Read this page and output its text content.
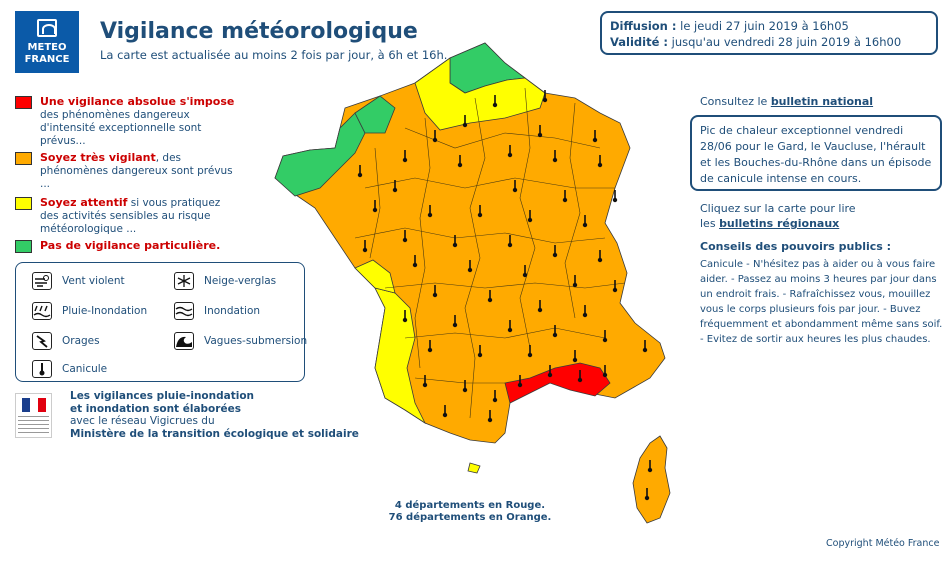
METEO
FRANCE
Vigilance météorologique
La carte est actualisée au moins 2 fois par jour, à 6h et 16h.
Diffusion : le jeudi 27 juin 2019 à 16h05
Validité : jusqu'au vendredi 28 juin 2019 à 16h00
Une vigilance absolue s'impose
des phénomènes dangereux d'intensité exceptionnelle sont prévus...
Soyez très vigilant, des phénomènes dangereux sont prévus ...
Soyez attentif si vous pratiquez des activités sensibles au risque météorologique ...
Pas de vigilance particulière.
Vent violent	Neige-verglas
Pluie-Inondation	Inondation
Orages	Vagues-submersion
Canicule
Les vigilances pluie-inondation
et inondation sont élaborées
avec le réseau Vigicrues du
Ministère de la transition écologique et solidaire
4 départements en Rouge.
76 départements en Orange.
Consultez le bulletin national
Pic de chaleur exceptionnel vendredi 28/06 pour le Gard, le Vaucluse, l'hérault et les Bouches-du-Rhône dans un épisode de canicule intense en cours.
Cliquez sur la carte pour lire
les bulletins régionaux
Conseils des pouvoirs publics :
Canicule - N'hésitez pas à aider ou à vous faire aider. - Passez au moins 3 heures par jour dans un endroit frais. - Rafraîchissez vous, mouillez vous le corps plusieurs fois par jour. - Buvez fréquemment et abondamment même sans soif. - Evitez de sortir aux heures les plus chaudes.
Copyright Météo France
